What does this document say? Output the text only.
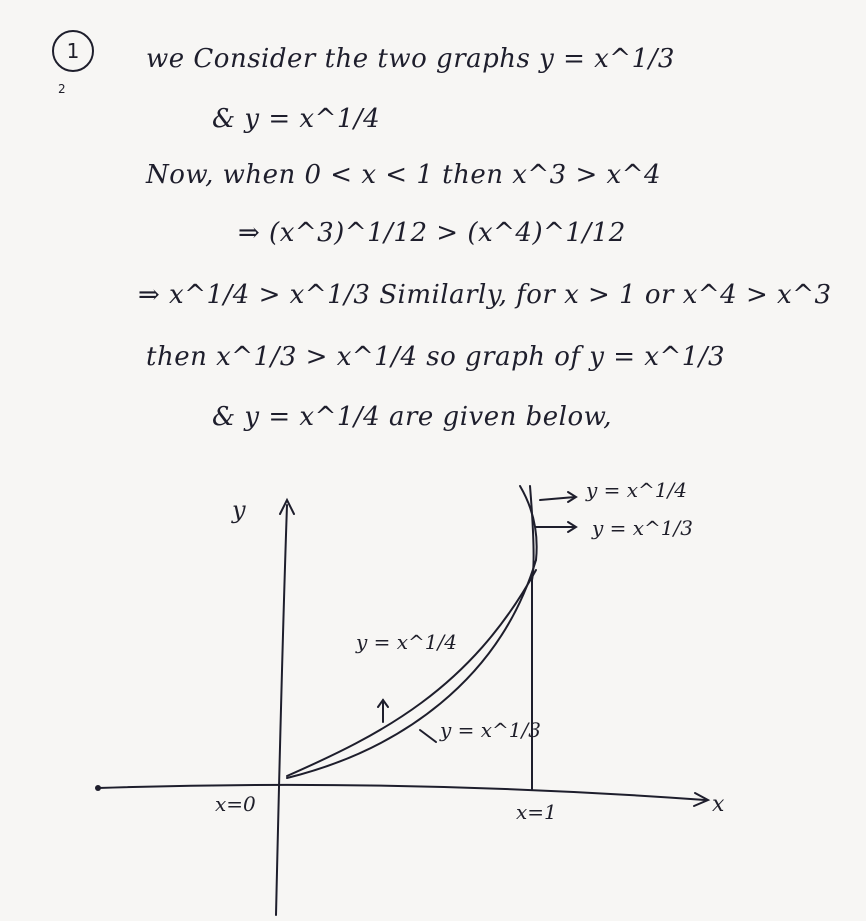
1
2
we Consider the two graphs y = x^1/3
& y = x^1/4
Now, when 0 < x < 1 then x^3 > x^4
⇒ (x^3)^1/12 > (x^4)^1/12
⇒ x^1/4 > x^1/3 Similarly, for x > 1 or x^4 > x^3
then x^1/3 > x^1/4 so graph of y = x^1/3
& y = x^1/4 are given below,
y
x
x=0	x=1
y = x^1/4
y = x^1/3
y = x^1/4
y = x^1/3
